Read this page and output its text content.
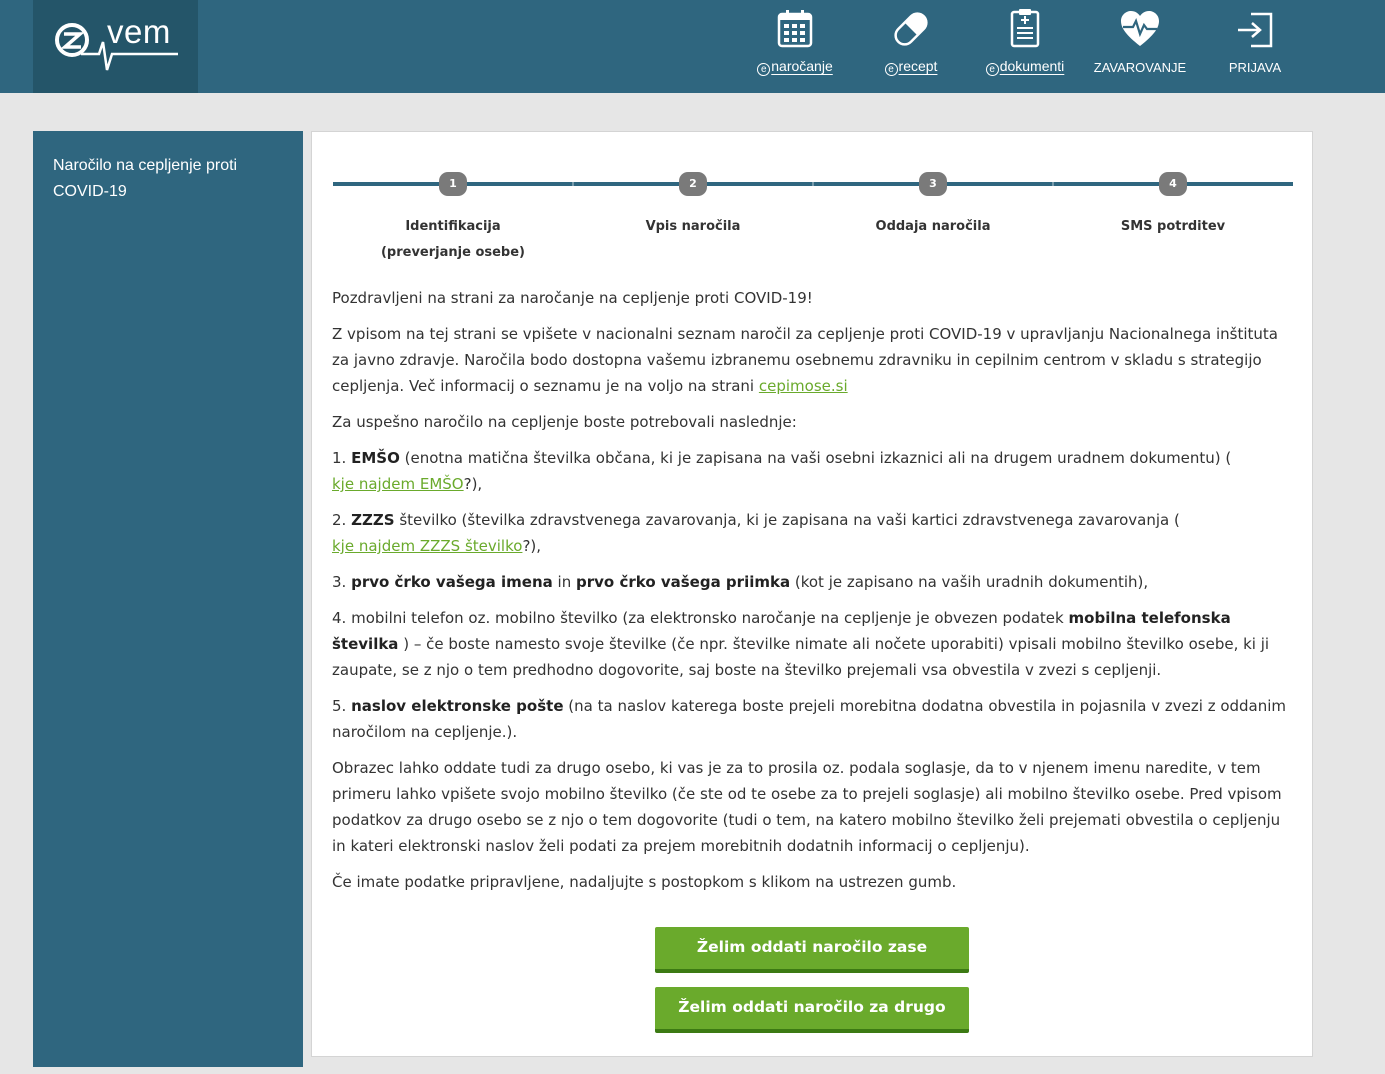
vem
e naročanje	e recept	e dokumenti	ZAVAROVANJE	PRIJAVA
Naročilo na cepljenje proti COVID-19	1
Identifikacija (preverjanje osebe)
2
Vpis naročila
3
Oddaja naročila
4
SMS potrditev

Pozdravljeni na strani za naročanje na cepljenje proti COVID-19!

Z vpisom na tej strani se vpišete v nacionalni seznam naročil za cepljenje proti COVID-19 v upravljanju Nacionalnega inštituta za javno zdravje. Naročila bodo dostopna vašemu izbranemu osebnemu zdravniku in cepilnim centrom v skladu s strategijo cepljenja. Več informacij o seznamu je na voljo na strani cepimose.si

Za uspešno naročilo na cepljenje boste potrebovali naslednje:

1. EMŠO (enotna matična številka občana, ki je zapisana na vaši osebni izkaznici ali na drugem uradnem dokumentu) (
kje najdem EMŠO?),

2. ZZZS številko (številka zdravstvenega zavarovanja, ki je zapisana na vaši kartici zdravstvenega zavarovanja (
kje najdem ZZZS številko?),

3. prvo črko vašega imena in prvo črko vašega priimka (kot je zapisano na vaših uradnih dokumentih),

4. mobilni telefon oz. mobilno številko (za elektronsko naročanje na cepljenje je obvezen podatek mobilna telefonska številka ) – če boste namesto svoje številke (če npr. številke nimate ali nočete uporabiti) vpisali mobilno številko osebe, ki ji zaupate, se z njo o tem predhodno dogovorite, saj boste na številko prejemali vsa obvestila v zvezi s cepljenji.

5. naslov elektronske pošte (na ta naslov katerega boste prejeli morebitna dodatna obvestila in pojasnila v zvezi z oddanim naročilom na cepljenje.).

Obrazec lahko oddate tudi za drugo osebo, ki vas je za to prosila oz. podala soglasje, da to v njenem imenu naredite, v tem primeru lahko vpišete svojo mobilno številko (če ste od te osebe za to prejeli soglasje) ali mobilno številko osebe. Pred vpisom podatkov za drugo osebo se z njo o tem dogovorite (tudi o tem, na katero mobilno številko želi prejemati obvestila o cepljenju in kateri elektronski naslov želi podati za prejem morebitnih dodatnih informacij o cepljenju).

Če imate podatke pripravljene, nadaljujte s postopkom s klikom na ustrezen gumb.

Želim oddati naročilo zase
Želim oddati naročilo za drugo osebo
